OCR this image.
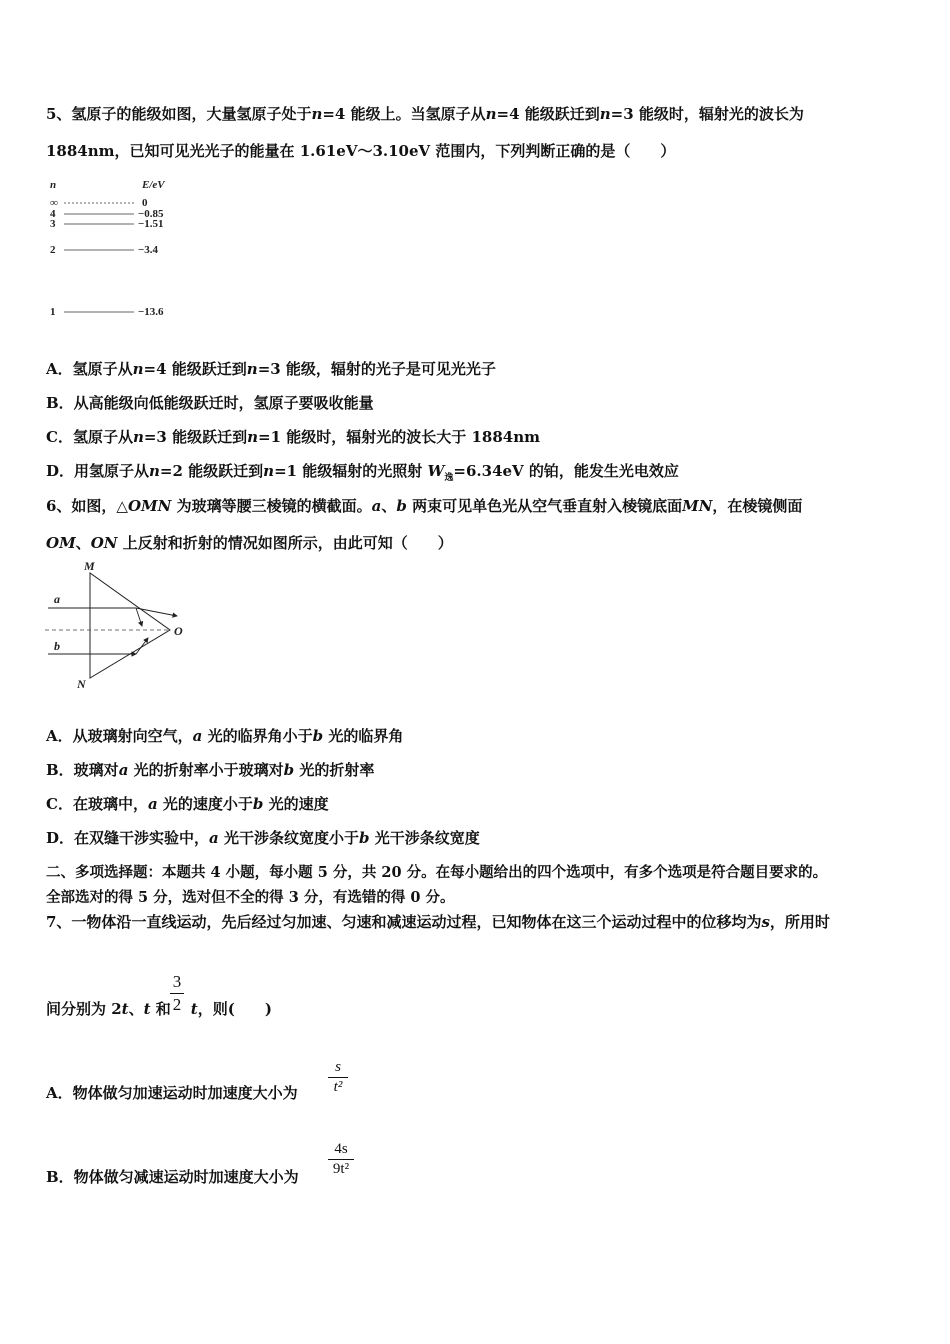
5、氢原子的能级如图，大量氢原子处于n=4 能级上。当氢原子从n=4 能级跃迁到n=3 能级时，辐射光的波长为
1884nm，已知可见光光子的能量在 1.61eV～3.10eV 范围内，下列判断正确的是（　　）
n	E/eV
∞	0
4	−0.85
3	−1.51
2	−3.4
1	−13.6
A．氢原子从n=4 能级跃迁到n=3 能级，辐射的光子是可见光光子
B．从高能级向低能级跃迁时，氢原子要吸收能量
C．氢原子从n=3 能级跃迁到n=1 能级时，辐射光的波长大于 1884nm
D．用氢原子从n=2 能级跃迁到n=1 能级辐射的光照射 $W_逸=6.34eV$ 的铂，能发生光电效应
6、如图，△OMN 为玻璃等腰三棱镜的横截面。a、b 两束可见单色光从空气垂直射入棱镜底面MN，在棱镜侧面
OM、ON 上反射和折射的情况如图所示，由此可知（　　）
M
N
O
a
b
A．从玻璃射向空气，a 光的临界角小于b 光的临界角
B．玻璃对a 光的折射率小于玻璃对b 光的折射率
C．在玻璃中，a 光的速度小于b 光的速度
D．在双缝干涉实验中，a 光干涉条纹宽度小于b 光干涉条纹宽度
二、多项选择题：本题共 4 小题，每小题 5 分，共 20 分。在每小题给出的四个选项中，有多个选项是符合题目要求的。
全部选对的得 5 分，选对但不全的得 3 分，有选错的得 0 分。
7、一物体沿一直线运动，先后经过匀加速、匀速和减速运动过程，已知物体在这三个运动过程中的位移均为s，所用时
间分别为 2t、t 和 t，则(　　)
3
2
A．物体做匀加速运动时加速度大小为
s
t²
B．物体做匀减速运动时加速度大小为
4s
9t²
